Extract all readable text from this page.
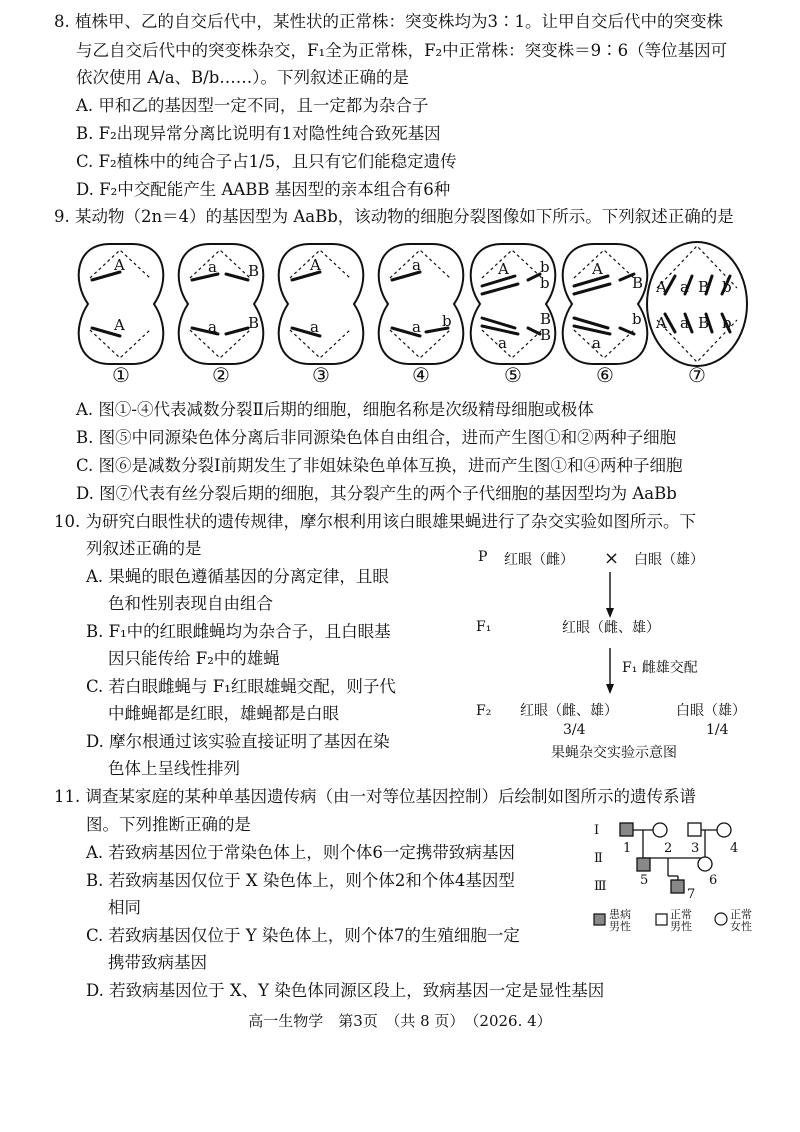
8. 植株甲、乙的自交后代中，某性状的正常株：突变株均为3∶1。让甲自交后代中的突变株
与乙自交后代中的突变株杂交，F₁全为正常株，F₂中正常株：突变株＝9∶6（等位基因可
依次使用 A/a、B/b……）。下列叙述正确的是
A. 甲和乙的基因型一定不同，且一定都为杂合子
B. F₂出现异常分离比说明有1对隐性纯合致死基因
C. F₂植株中的纯合子占1/5，且只有它们能稳定遗传
D. F₂中交配能产生 AABB 基因型的亲本组合有6种
9. 某动物（2n＝4）的基因型为 AaBb，该动物的细胞分裂图像如下所示。下列叙述正确的是
A
A
a B
a B
A
a
a
a b
A b
b
a
B
B
A
B
a
b
A a B b
A a B b
①	②	③	④	⑤	⑥	⑦
A. 图①-④代表减数分裂Ⅱ后期的细胞，细胞名称是次级精母细胞或极体
B. 图⑤中同源染色体分离后非同源染色体自由组合，进而产生图①和②两种子细胞
C. 图⑥是减数分裂Ⅰ前期发生了非姐妹染色单体互换，进而产生图①和④两种子细胞
D. 图⑦代表有丝分裂后期的细胞，其分裂产生的两个子代细胞的基因型均为 AaBb
10. 为研究白眼性状的遗传规律，摩尔根利用该白眼雄果蝇进行了杂交实验如图所示。下
列叙述正确的是
A. 果蝇的眼色遵循基因的分离定律，且眼
色和性别表现自由组合
B. F₁中的红眼雌蝇均为杂合子，且白眼基
因只能传给 F₂中的雄蝇
C. 若白眼雌蝇与 F₁红眼雄蝇交配，则子代
中雌蝇都是红眼，雄蝇都是白眼
D. 摩尔根通过该实验直接证明了基因在染
色体上呈线性排列
P 红眼（雌） × 白眼（雄）
F₁	红眼（雌、雄）
F₁ 雌雄交配
F₂ 红眼（雌、雄）	白眼（雄）
3/4	1/4
果蝇杂交实验示意图
11. 调查某家庭的某种单基因遗传病（由一对等位基因控制）后绘制如图所示的遗传系谱
图。下列推断正确的是
A. 若致病基因位于常染色体上，则个体6一定携带致病基因
B. 若致病基因仅位于 X 染色体上，则个体2和个体4基因型
相同
C. 若致病基因仅位于 Y 染色体上，则个体7的生殖细胞一定
携带致病基因
D. 若致病基因位于 X、Y 染色体同源区段上，致病基因一定是显性基因
Ⅰ
Ⅱ
Ⅲ
1	2 3 4
5	6
7
患病男性
正常男性
正常女性
高一生物学　第3页　（共 8 页）　（2026. 4）
